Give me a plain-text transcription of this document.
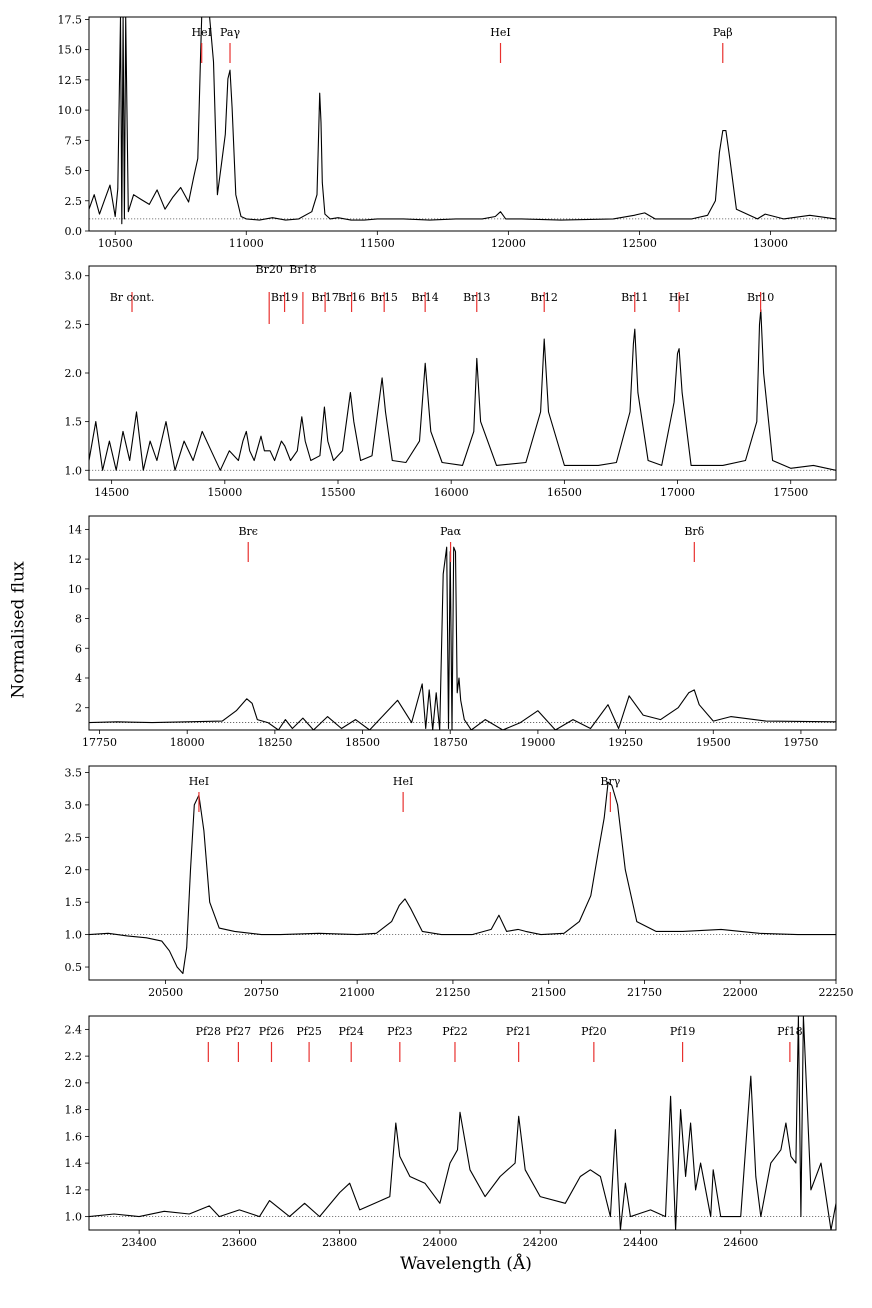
10500	11000	11500	12000	12500	13000
0.0
2.5
5.0
7.5
10.0
12.5
15.0
17.5
HeI Paγ	HeI	Paβ
14500	15000	15500	16000	16500	17000	17500
1.0
1.5
2.0
2.5
3.0
Br cont.
Br20
Br19
Br18
Br17 Br16 Br15 Br14 Br13	Br12	Br11 HeI	Br10
17750	18000	18250	18500	18750	19000	19250	19500	19750
2
4
6
8
10
12
14	Brϵ	Paα	Brδ
20500	20750	21000	21250	21500	21750	22000	22250
0.5
1.0
1.5
2.0
2.5
3.0
3.5
HeI	HeI	Brγ
23400	23600	23800	24000	24200	24400	24600
1.0
1.2
1.4
1.6
1.8
2.0
2.2
2.4	Pf28 Pf27 Pf26 Pf25 Pf24 Pf23	Pf22	Pf21	Pf20	Pf19	Pf18
Normalised flux
Wavelength (Å)
